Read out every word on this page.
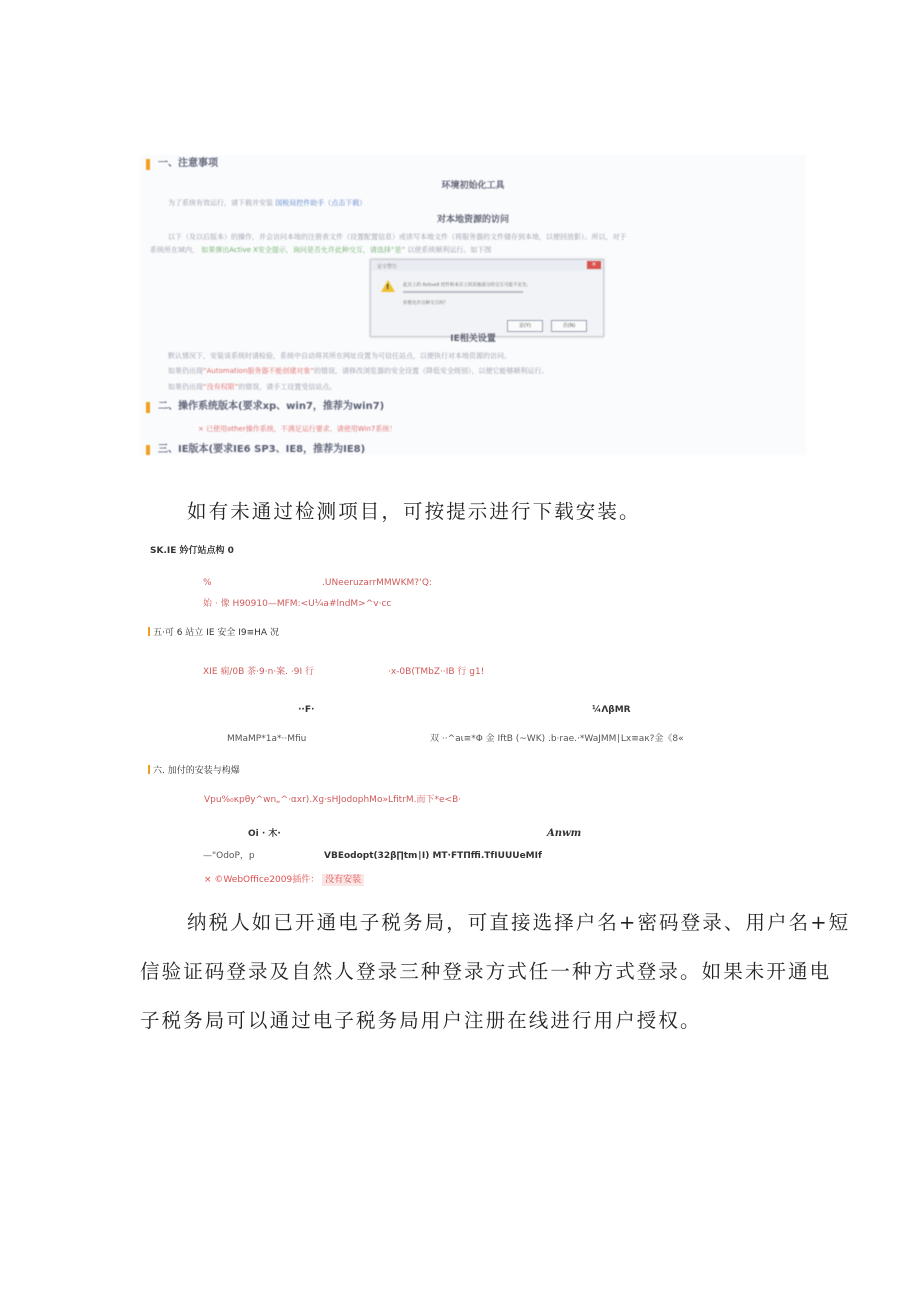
一、注意事项
环境初始化工具
为了系统有效运行，请下载并安装 国税局控件助手（点击下载）
对本地资源的访问
以下（及以后版本）的操作，并会访问本地的注册表文件（设置配置信息）或读写本地文件（将服务器的文件储存到本地，以便回放影）。所以，对于
系统所在域内， 如果弹出Active X安全提示，询问是否允许此种交互，请选择“是” 以使系统顺利运行。如下图
安全警告	✕
!	此页上的 ActiveX 控件和本页上的其他部分的交互可能不安全。
你想允许这种交互吗？
是(Y)	否(N)
IE相关设置
默认情况下，安装该系统时请检验，系统中自动将其所在网址设置为可信任站点，以便执行对本地资源的访问。
如果仍出现“Automation服务器不能创建对象”的错误，请修改浏览器的安全设置（降低安全级别），以便它能够顺利运行。
如果仍出现“没有权限”的错误，请手工设置受信站点。
二、操作系统版本(要求xp、win7，推荐为win7)
× 已使用other操作系统，不满足运行要求，请使用Win7系统！
三、IE版本(要求IE6 SP3、IE8，推荐为IE8)
如有未通过检测项目，可按提示进行下载安装。
SK.IE 妗仃站点构 0
%	.UNeeruzarrMMWKM?‘Q:
始 · 像 H90910—MFM:<U¼a#lndM>^v·cc
五·可 6 站立 IE 安全 I9≡HA 况
XIE 痫/0B 茶·9·n·案. ·9I 行	·x-0B(TMbZ··IB 行 g1!
··F·	¼ΛβMR
MMaMP*1a*··Mfiu	双 ··^aι≡*Φ 金 IftB (~WK) .b·rae.·*WaJMM∣Lx≡aκ?金《8«
六. 加付的安装与构爆
Vpu%₀κpθy^wn„^·αxr).Xg·sHJodophMo»LfitrM.而下*e<B·
Oi · 木·	Anwm
—"OdoP，p	VBEodopt(32β∏tm∣I) MT·FTΠffi.TfIUUUeMIf
× ©WebOffice2009插件： 没有安装
纳税人如已开通电子税务局，可直接选择户名+密码登录、用户名+短
信验证码登录及自然人登录三种登录方式任一种方式登录。如果未开通电
子税务局可以通过电子税务局用户注册在线进行用户授权。
